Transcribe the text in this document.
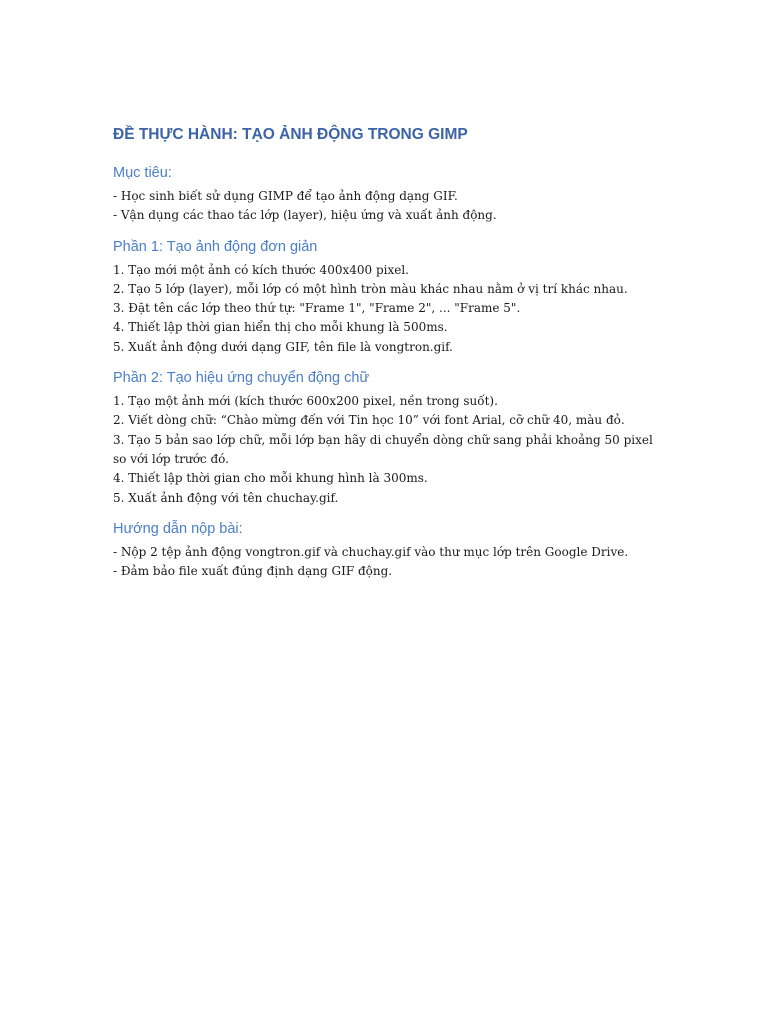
ĐỀ THỰC HÀNH: TẠO ẢNH ĐỘNG TRONG GIMP
Mục tiêu:

- Học sinh biết sử dụng GIMP để tạo ảnh động dạng GIF.

- Vận dụng các thao tác lớp (layer), hiệu ứng và xuất ảnh động.

Phần 1: Tạo ảnh động đơn giản

1. Tạo mới một ảnh có kích thước 400x400 pixel.

2. Tạo 5 lớp (layer), mỗi lớp có một hình tròn màu khác nhau nằm ở vị trí khác nhau.

3. Đặt tên các lớp theo thứ tự: "Frame 1", "Frame 2", ... "Frame 5".

4. Thiết lập thời gian hiển thị cho mỗi khung là 500ms.

5. Xuất ảnh động dưới dạng GIF, tên file là vongtron.gif.

Phần 2: Tạo hiệu ứng chuyển động chữ

1. Tạo một ảnh mới (kích thước 600x200 pixel, nền trong suốt).

2. Viết dòng chữ: “Chào mừng đến với Tin học 10” với font Arial, cỡ chữ 40, màu đỏ.

3. Tạo 5 bản sao lớp chữ, mỗi lớp bạn hãy di chuyển dòng chữ sang phải khoảng 50 pixel so với lớp trước đó.

4. Thiết lập thời gian cho mỗi khung hình là 300ms.

5. Xuất ảnh động với tên chuchay.gif.

Hướng dẫn nộp bài:

- Nộp 2 tệp ảnh động vongtron.gif và chuchay.gif vào thư mục lớp trên Google Drive.

- Đảm bảo file xuất đúng định dạng GIF động.
